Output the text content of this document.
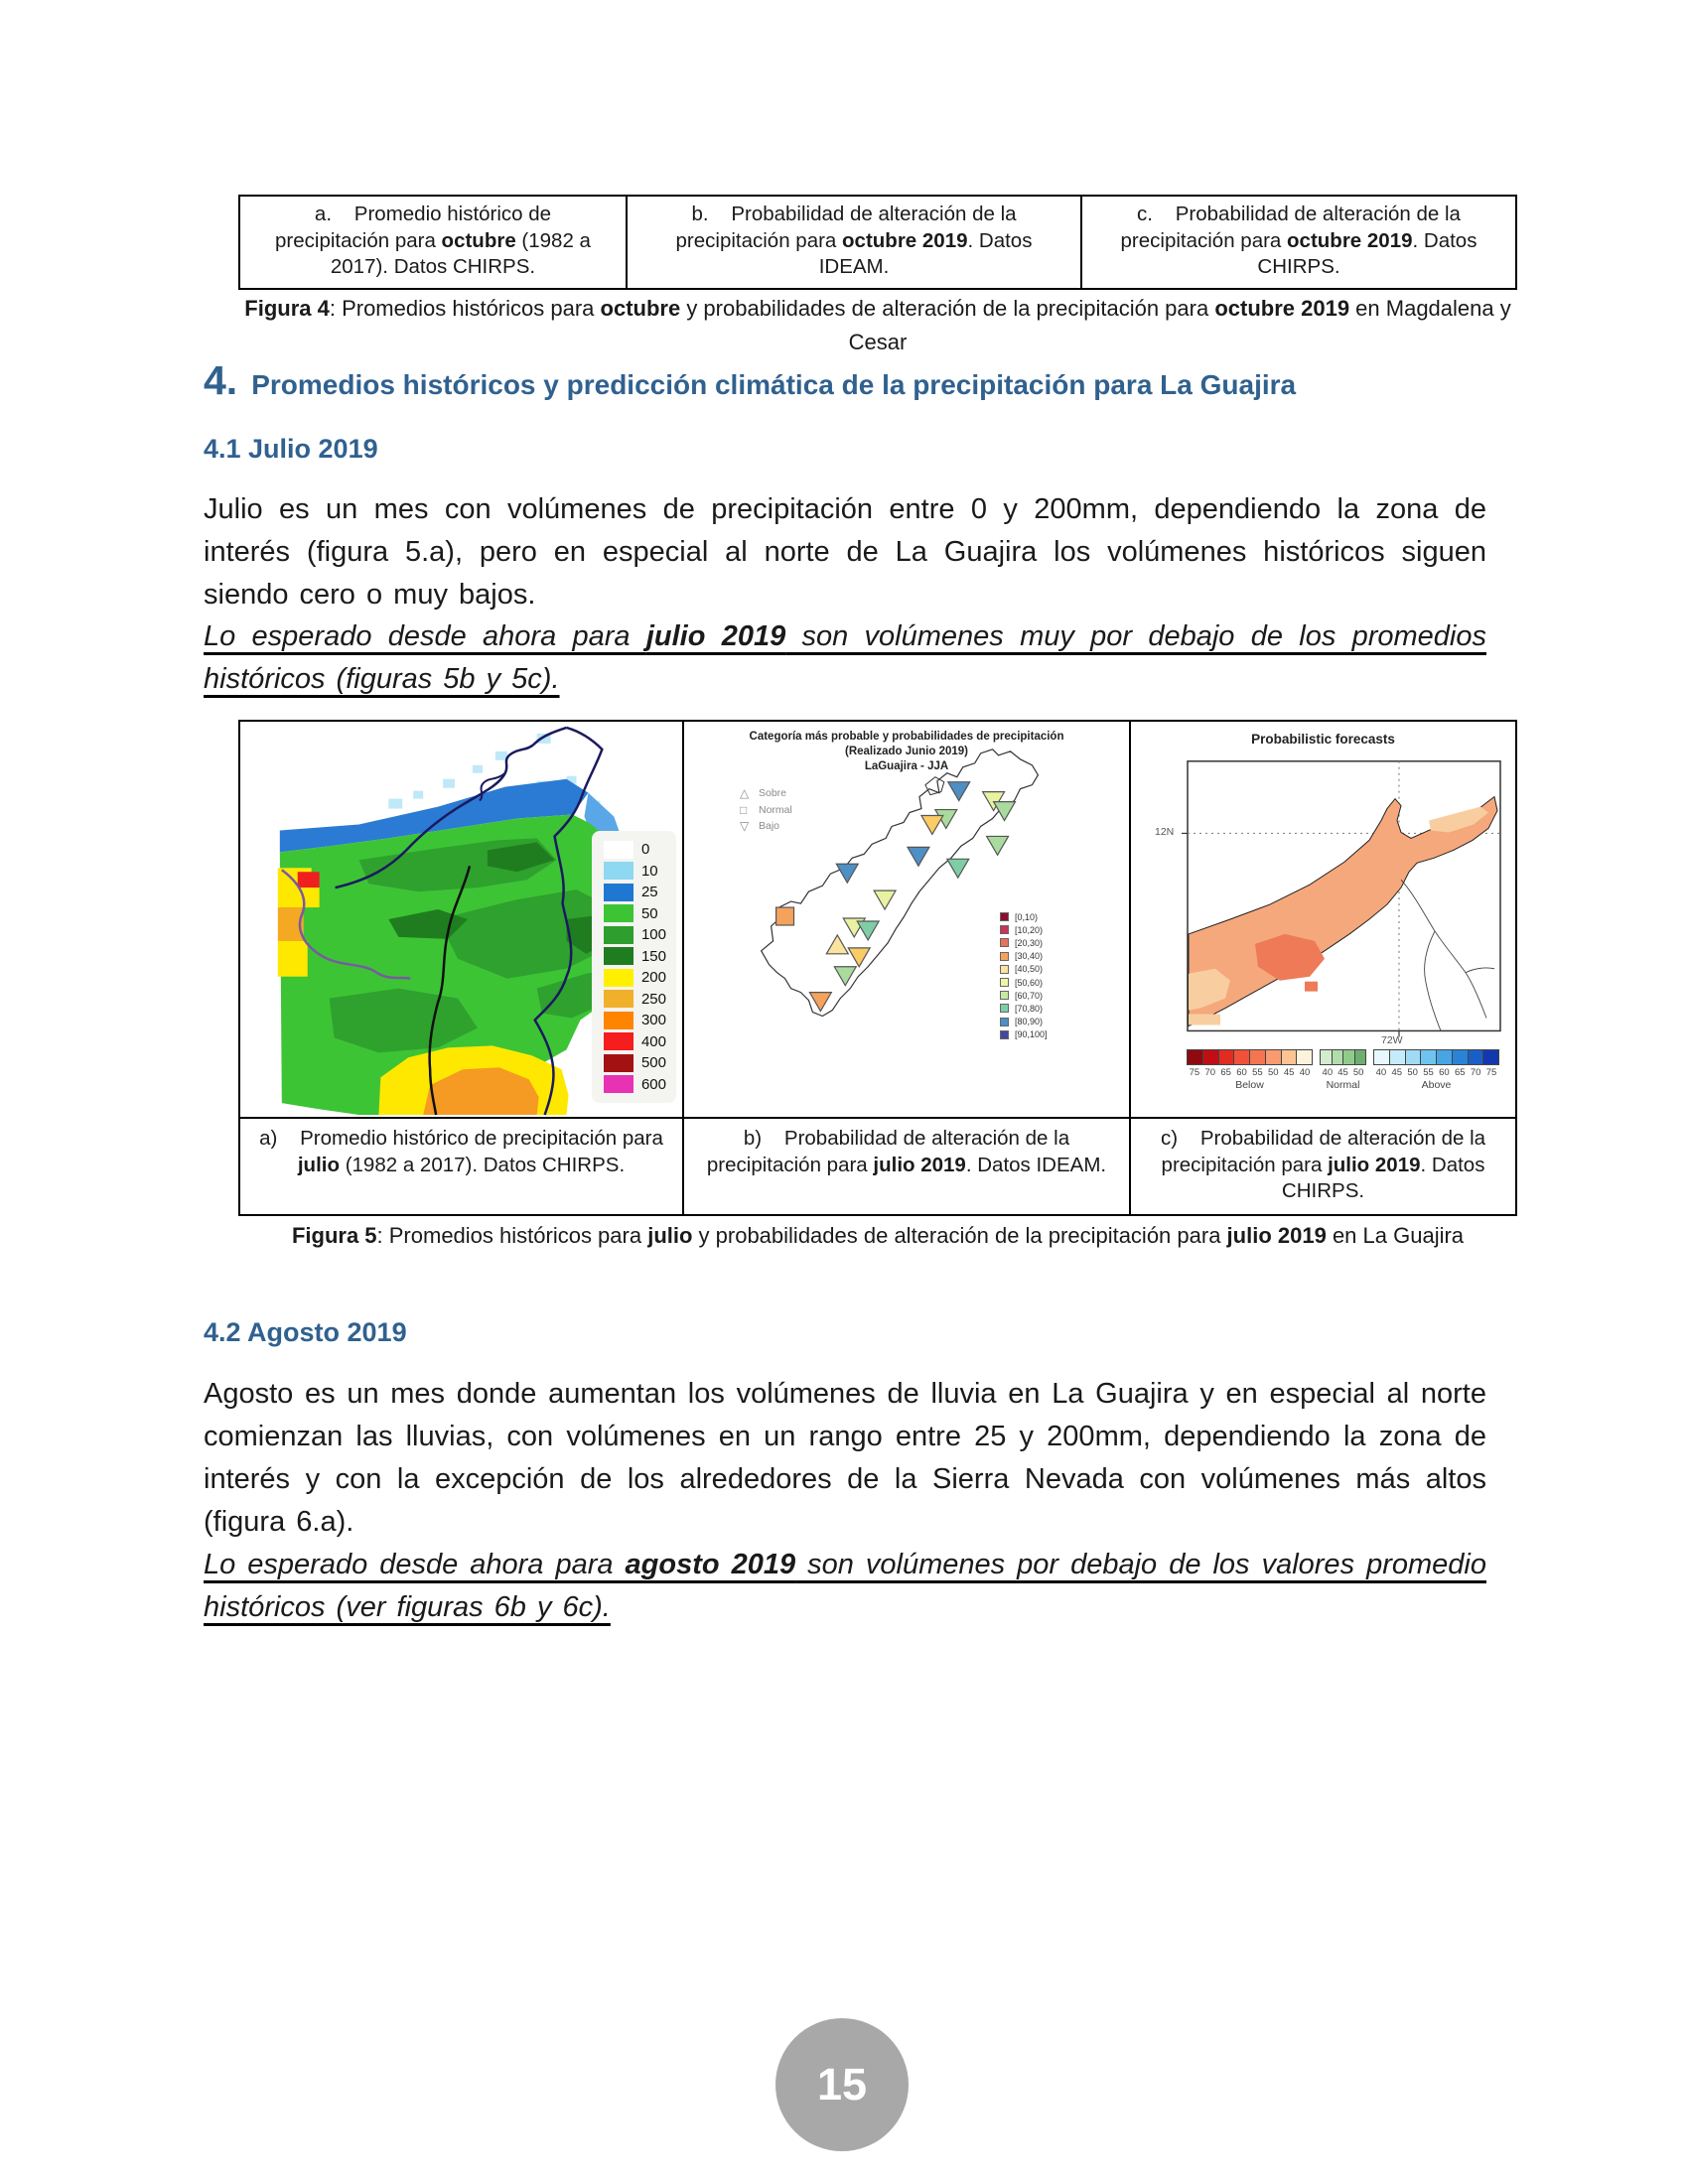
a.    Promedio histórico de precipitación para octubre (1982 a 2017). Datos CHIRPS.
b.    Probabilidad de alteración de la precipitación para octubre 2019. Datos IDEAM.
c.    Probabilidad de alteración de la precipitación para octubre 2019. Datos CHIRPS.
Figura 4: Promedios históricos para octubre y probabilidades de alteración de la precipitación para octubre 2019 en Magdalena y Cesar
4. Promedios históricos y predicción climática de la precipitación para La Guajira
4.1 Julio 2019
Julio es un mes con volúmenes de precipitación entre 0 y 200mm, dependiendo la zona de interés (figura 5.a), pero en especial al norte de La Guajira los volúmenes históricos siguen siendo cero o muy bajos.
Lo esperado desde ahora para julio 2019 son volúmenes muy por debajo de los promedios históricos (figuras 5b y 5c).
0
10
25
50
100
150
200
250
300
400
500
600
Categoría más probable y probabilidades de precipitación
(Realizado Junio 2019)
LaGuajira - JJA
△ Sobre
□	Normal
▽ Bajo
[0,10)
[10,20)
[20,30)
[30,40)
[40,50)
[50,60)
[60,70)
[70,80)
[80,90)
[90,100]
Probabilistic forecasts
12N
72W
75 70 65 60 55 50 45 40
Below
40 45 50
Normal
40 45 50 55 60 65 70 75
Above
a)    Promedio histórico de precipitación para julio (1982 a 2017). Datos CHIRPS.
b)    Probabilidad de alteración de la precipitación para julio 2019. Datos IDEAM.
c)    Probabilidad de alteración de la precipitación para julio 2019. Datos CHIRPS.
Figura 5: Promedios históricos para julio y probabilidades de alteración de la precipitación para julio 2019 en La Guajira
4.2 Agosto 2019
Agosto es un mes donde aumentan los volúmenes de lluvia en La Guajira y en especial al norte comienzan las lluvias, con volúmenes en un rango entre 25 y 200mm, dependiendo la zona de interés y con la excepción de los alrededores de la Sierra Nevada con volúmenes más altos (figura 6.a).
Lo esperado desde ahora para agosto 2019 son volúmenes por debajo de los valores promedio históricos (ver figuras 6b y 6c).
15
